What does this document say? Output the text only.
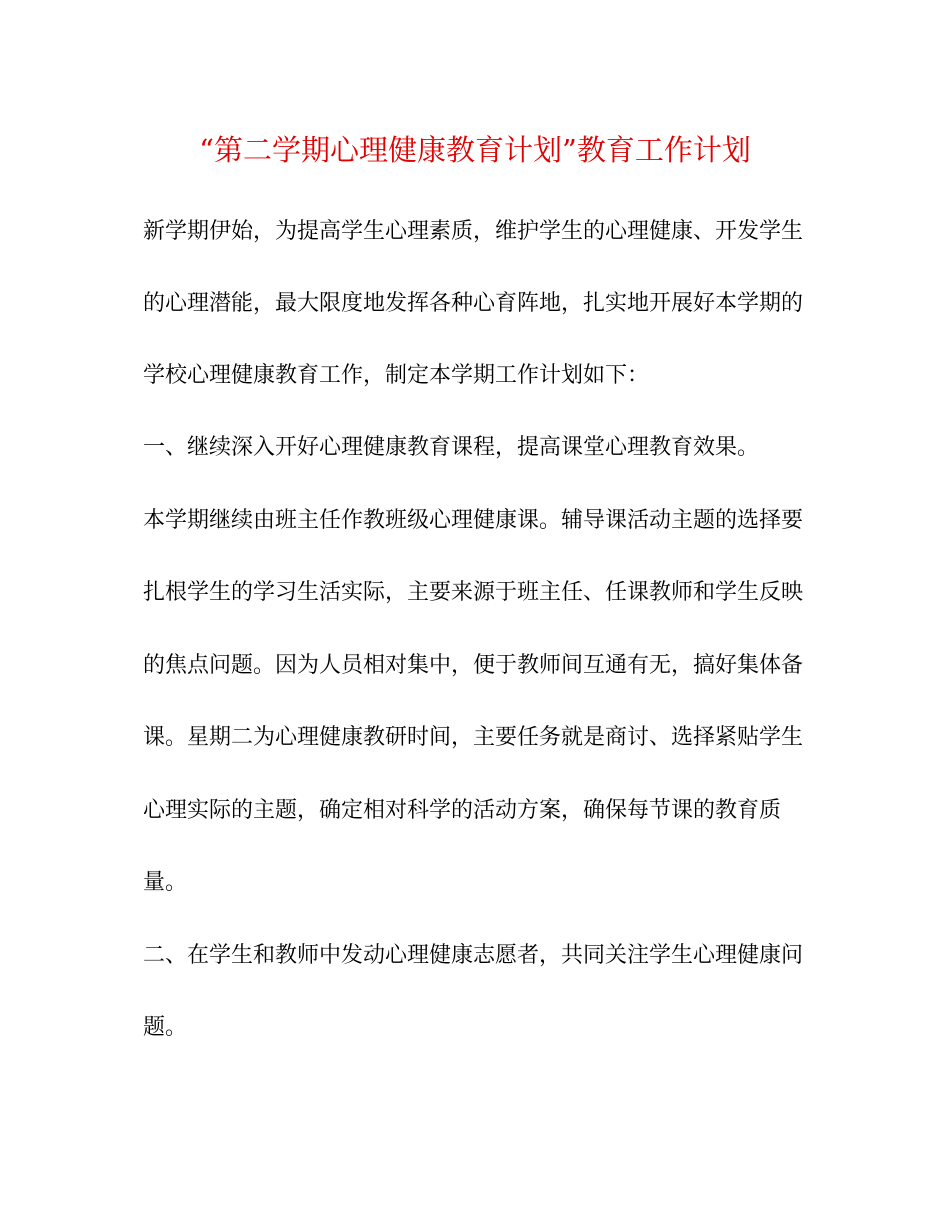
“第二学期心理健康教育计划”教育工作计划
新学期伊始，为提高学生心理素质，维护学生的心理健康、开发学生
的心理潜能，最大限度地发挥各种心育阵地，扎实地开展好本学期的
学校心理健康教育工作，制定本学期工作计划如下：
一、继续深入开好心理健康教育课程，提高课堂心理教育效果。
本学期继续由班主任作教班级心理健康课。辅导课活动主题的选择要
扎根学生的学习生活实际，主要来源于班主任、任课教师和学生反映
的焦点问题。因为人员相对集中，便于教师间互通有无，搞好集体备
课。星期二为心理健康教研时间，主要任务就是商讨、选择紧贴学生
心理实际的主题，确定相对科学的活动方案，确保每节课的教育质
量。
二、在学生和教师中发动心理健康志愿者，共同关注学生心理健康问
题。
